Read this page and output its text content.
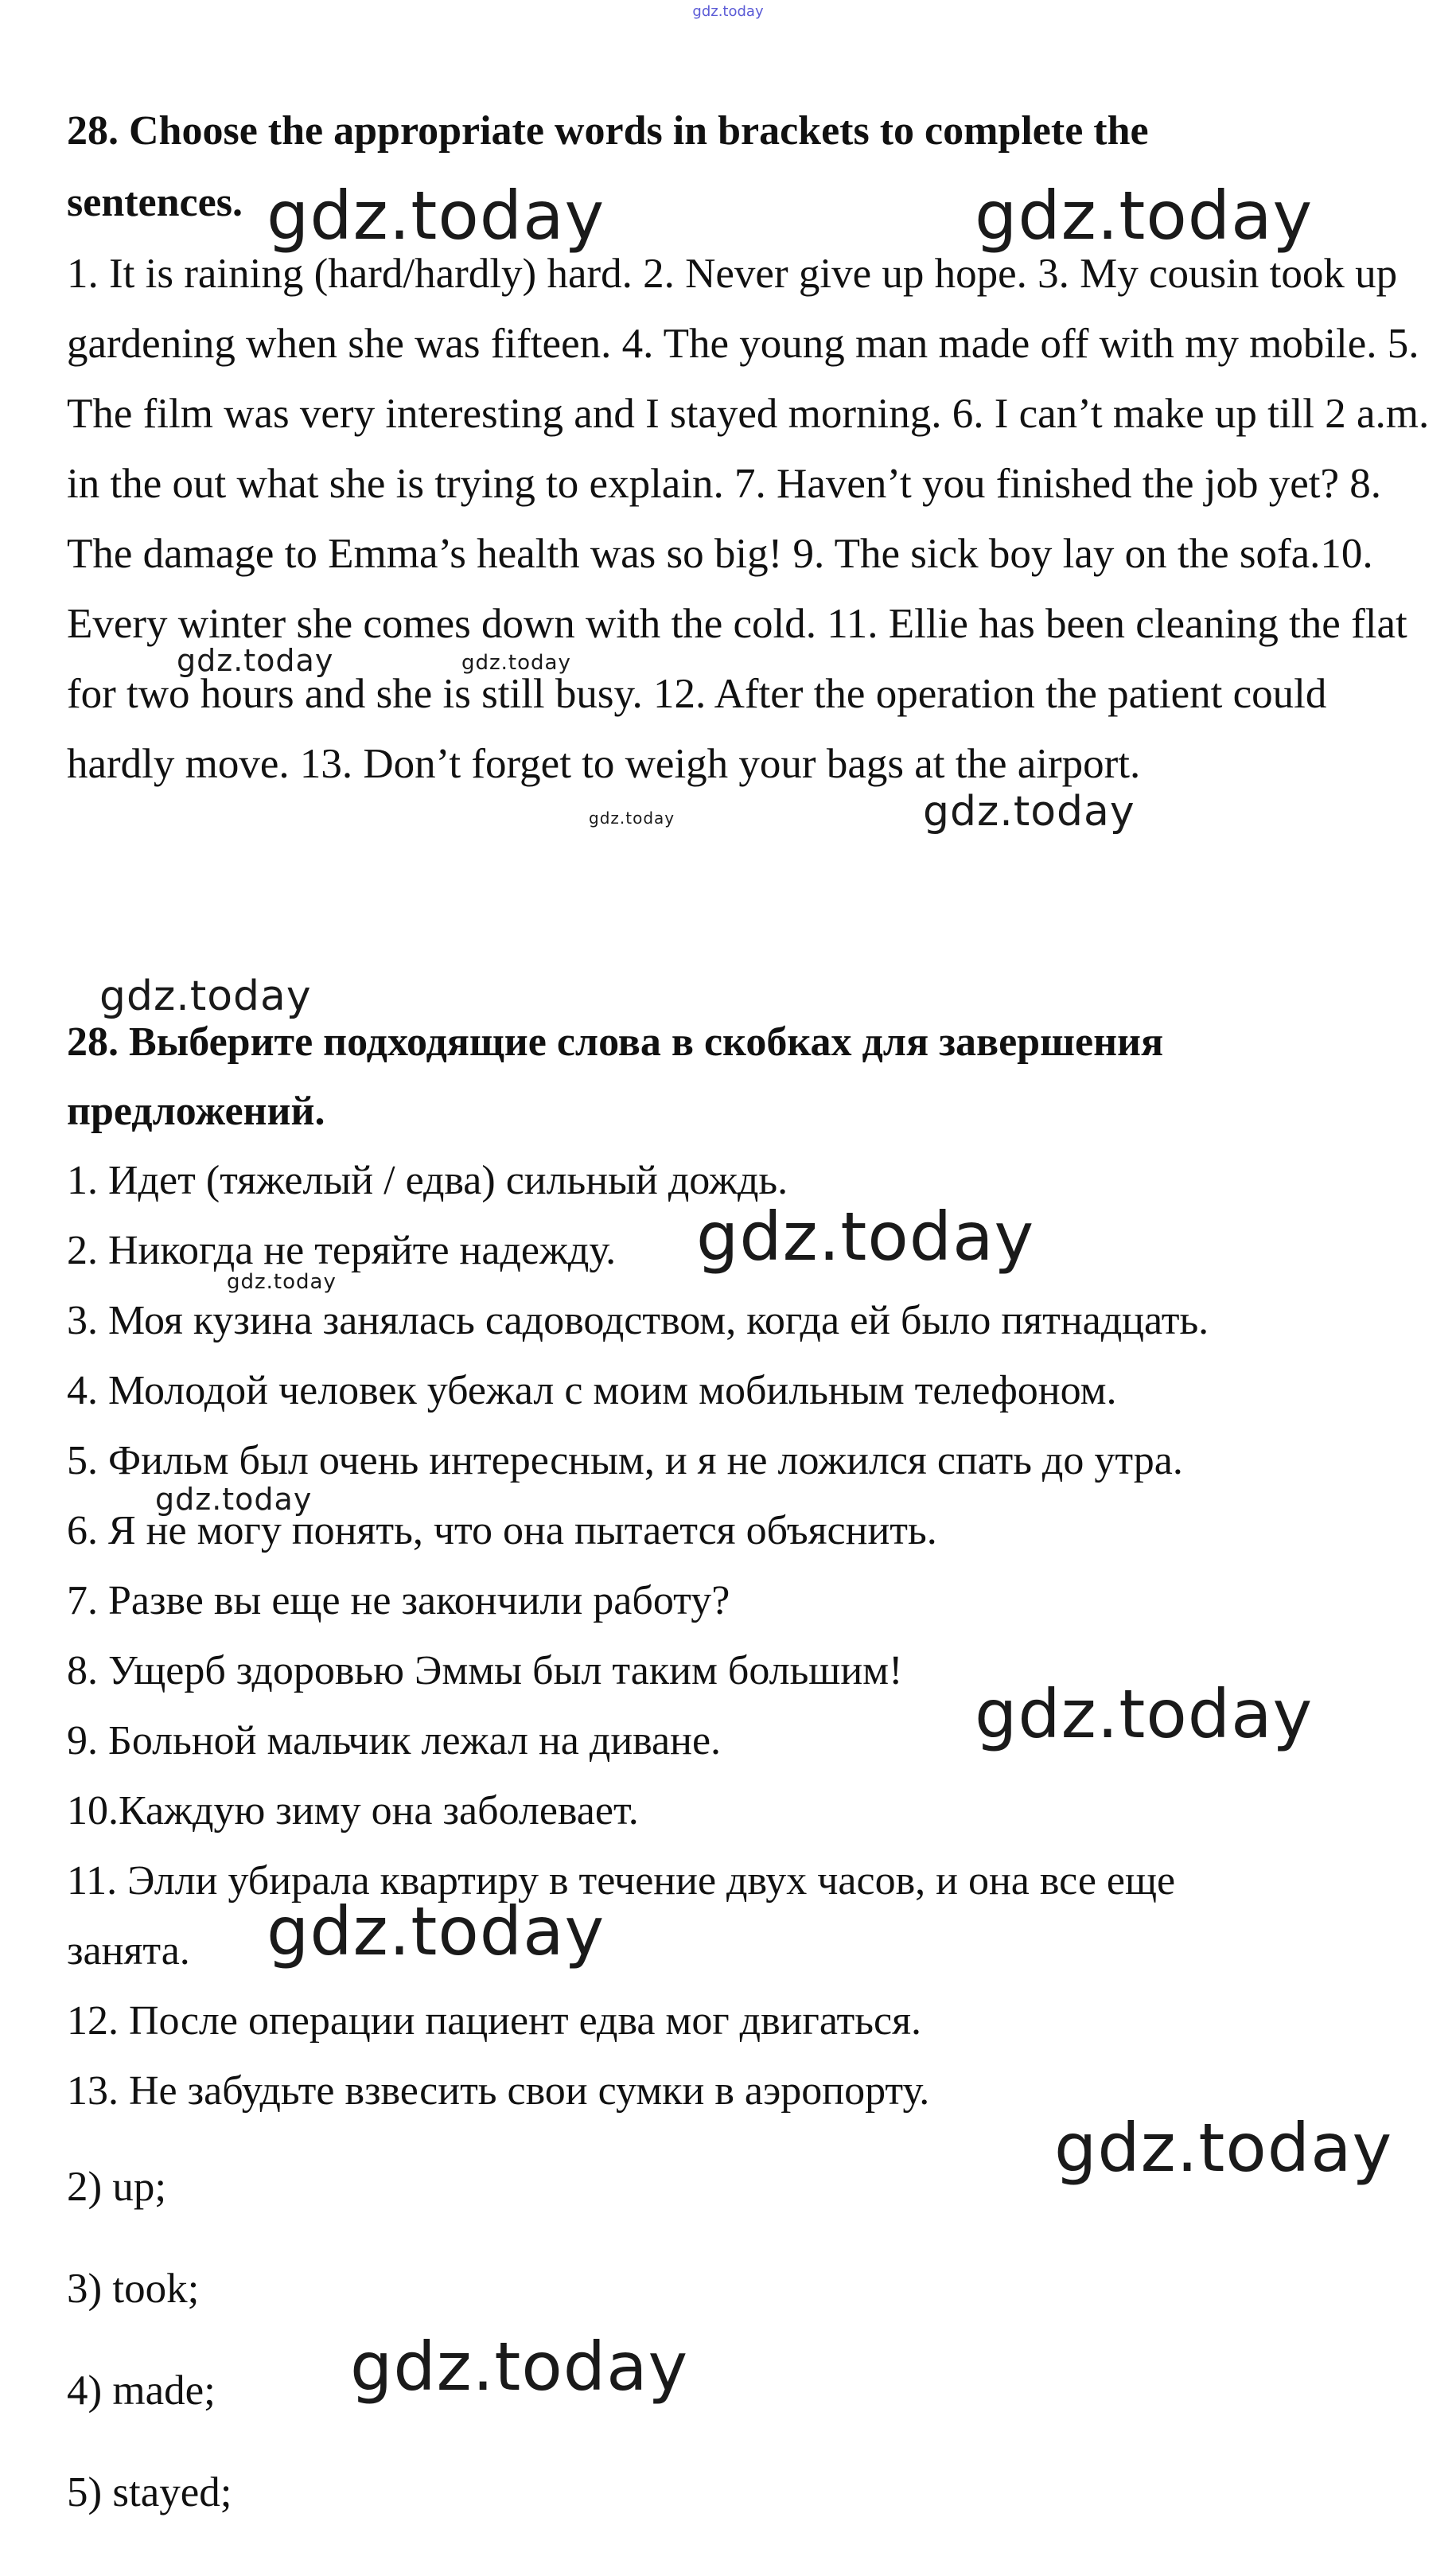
gdz.today
28. Choose the appropriate words in brackets to complete the
sentences.

1. It is raining (hard/hardly) hard. 2. Never give up hope. 3. My cousin took up gardening when she was fifteen. 4. The young man made off with my mobile. 5. The film was very interesting and I stayed morning. 6. I can’t make up till 2 a.m. in the out what she is trying to explain. 7. Haven’t you finished the job yet? 8. The damage to Emma’s health was so big! 9. The sick boy lay on the sofa.10. Every winter she comes down with the cold. 11. Ellie has been cleaning the flat for two hours and she is still busy. 12. After the operation the patient could hardly move. 13. Don’t forget to weigh your bags at the airport.

28. Выберите подходящие слова в скобках для завершения
предложений.

1. Идет (тяжелый / едва) сильный дождь.

2. Никогда не теряйте надежду.

3. Моя кузина занялась садоводством, когда ей было пятнадцать.

4. Молодой человек убежал с моим мобильным телефоном.

5. Фильм был очень интересным, и я не ложился спать до утра.

6. Я не могу понять, что она пытается объяснить.

7. Разве вы еще не закончили работу?

8. Ущерб здоровью Эммы был таким большим!

9. Больной мальчик лежал на диване.

10.Каждую зиму она заболевает.

11. Элли убирала квартиру в течение двух часов, и она все еще

занята.

12. После операции пациент едва мог двигаться.

13. Не забудьте взвесить свои сумки в аэропорту.

2) up;

3) took;

4) made;

5) stayed;

gdz.today	gdz.today
gdz.today	gdz.today
gdz.today	gdz.today
gdz.today
gdz.today
gdz.today
gdz.today
gdz.today
gdz.today
gdz.today
gdz.today
